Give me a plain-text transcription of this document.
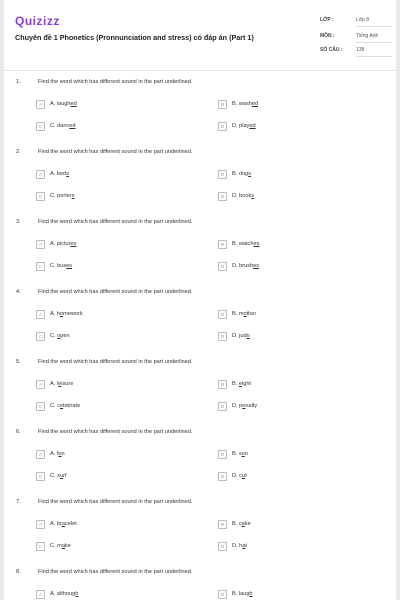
Quizizz
Chuyên đề 1 Phonetics (Pronnunciation and stress) có đáp án (Part 1)
LỚP :	Lớp 8
MÔN :	Tiếng Anh
SỐ CÂU :	138
1.	Find the word which has different sound in the part underlined.
A	A. laughed	B	B. washed
C	C. danced	D	D. played
2.	Find the word which has different sound in the part underlined.
A	A. beds	B	B. dogs
C	C. porters	D	D. books
3.	Find the word which has different sound in the part underlined.
A	A. pictures	B	B. watches
C	C. buses	D	D. brushes
4.	Find the word which has different sound in the part underlined.
A	A. homework	B	B. mother
C	C. open	D	D. judo
5.	Find the word which has different sound in the part underlined.
A	A. leisure	B	B. eight
C	C. celebrate	D	D. penalty
6.	Find the word which has different sound in the part underlined.
A	A. fun	B	B. sun
C	C. surf	D	D. cut
7.	Find the word which has different sound in the part underlined.
A	A. bracelet	B	B. cake
C	C. make	D	D. hat
8.	Find the word which has different sound in the part underlined.
A	A. although	B	B. laugh
